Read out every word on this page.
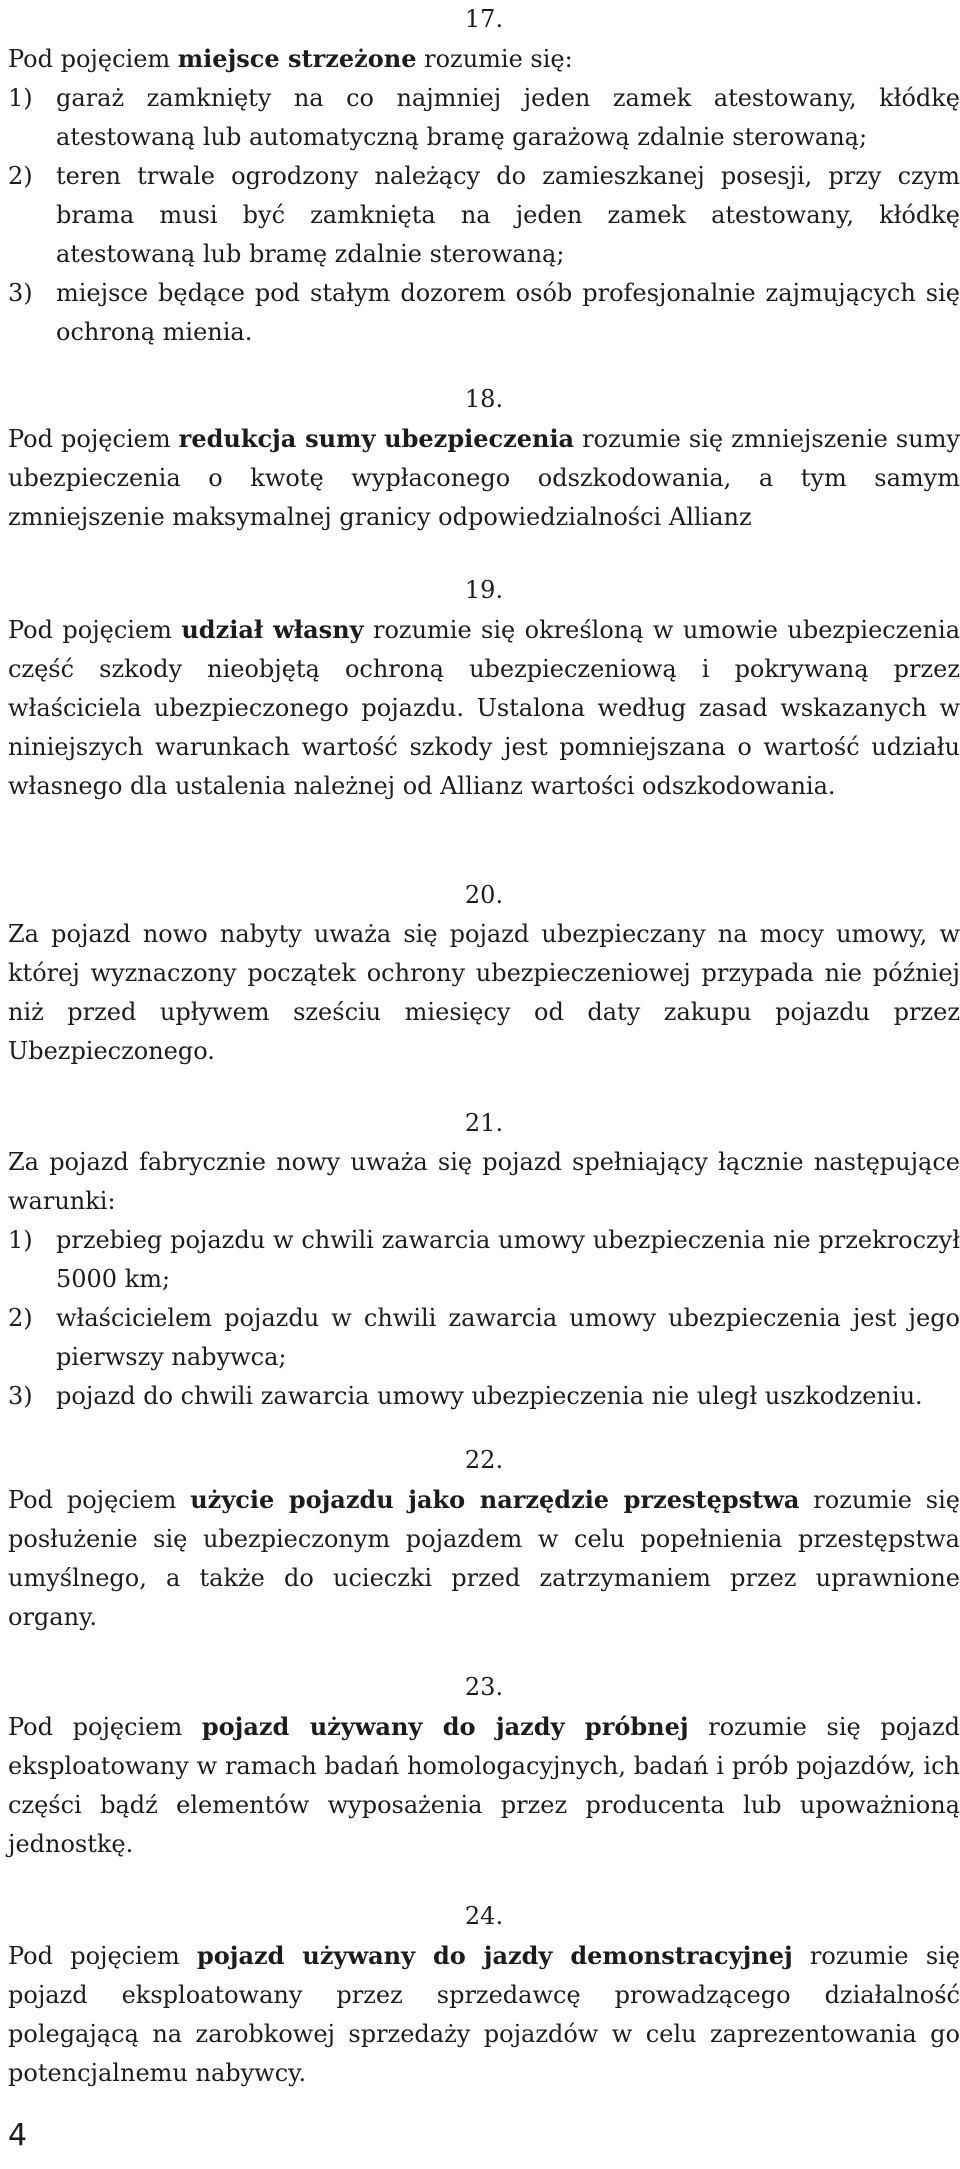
17.

Pod pojęciem miejsce strzeżone rozumie się:

1) garaż zamknięty na co najmniej jeden zamek atestowany, kłódkę atestowaną lub automatyczną bramę garażową zdalnie sterowaną;
2) teren trwale ogrodzony należący do zamieszkanej posesji, przy czym brama musi być zamknięta na jeden zamek atestowany, kłódkę atestowaną lub bramę zdalnie sterowaną;
3) miejsce będące pod stałym dozorem osób profesjonalnie zajmujących się ochroną mienia.
18.

Pod pojęciem redukcja sumy ubezpieczenia rozumie się zmniejszenie sumy ubezpieczenia o kwotę wypłaconego odszkodowania, a tym samym zmniejszenie maksymalnej granicy odpowiedzialności Allianz

19.

Pod pojęciem udział własny rozumie się określoną w umowie ubezpieczenia część szkody nieobjętą ochroną ubezpieczeniową i pokrywaną przez właściciela ubezpieczonego pojazdu. Ustalona według zasad wskazanych w niniejszych warunkach wartość szkody jest pomniejszana o wartość udziału własnego dla ustalenia należnej od Allianz wartości odszkodowania.

20.

Za pojazd nowo nabyty uważa się pojazd ubezpieczany na mocy umowy, w której wyznaczony początek ochrony ubezpieczeniowej przypada nie później niż przed upływem sześciu miesięcy od daty zakupu pojazdu przez Ubezpieczonego.

21.

Za pojazd fabrycznie nowy uważa się pojazd spełniający łącznie następujące warunki:

1) przebieg pojazdu w chwili zawarcia umowy ubezpieczenia nie przekroczył 5000 km;
2) właścicielem pojazdu w chwili zawarcia umowy ubezpieczenia jest jego pierwszy nabywca;
3) pojazd do chwili zawarcia umowy ubezpieczenia nie uległ uszkodzeniu.
22.

Pod pojęciem użycie pojazdu jako narzędzie przestępstwa rozumie się posłużenie się ubezpieczonym pojazdem w celu popełnienia przestępstwa umyślnego, a także do ucieczki przed zatrzymaniem przez uprawnione organy.

23.

Pod pojęciem pojazd używany do jazdy próbnej rozumie się pojazd eksploatowany w ramach badań homologacyjnych, badań i prób pojazdów, ich części bądź elementów wyposażenia przez producenta lub upoważnioną jednostkę.

24.

Pod pojęciem pojazd używany do jazdy demonstracyjnej rozumie się pojazd eksploatowany przez sprzedawcę prowadzącego działalność polegającą na zarobkowej sprzedaży pojazdów w celu zaprezentowania go potencjalnemu nabywcy.

4
